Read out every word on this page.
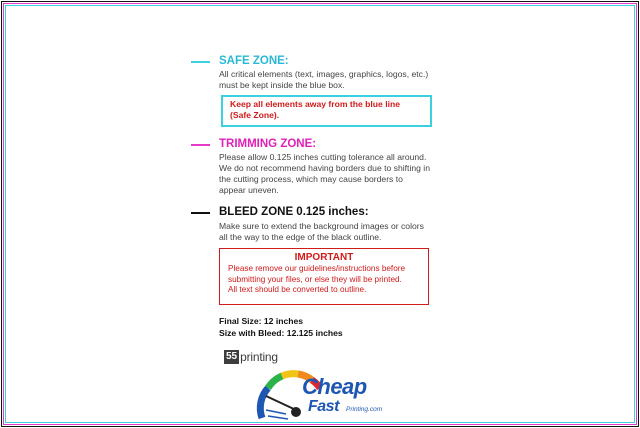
SAFE ZONE:
All critical elements (text, images, graphics, logos, etc.)
must be kept inside the blue box.
Keep all elements away from the blue line
(Safe Zone).
TRIMMING ZONE:
Please allow 0.125 inches cutting tolerance all around.
We do not recommend having borders due to shifting in
the cutting process, which may cause borders to
appear uneven.
BLEED ZONE 0.125 inches:
Make sure to extend the background images or colors
all the way to the edge of the black outline.
IMPORTANT
Please remove our guidelines/instructions before
submitting your files, or else they will be printed.
All text should be converted to outline.
Final Size: 12 inches
Size with Bleed: 12.125 inches
55 printing
Cheap
Fast Printing.com
